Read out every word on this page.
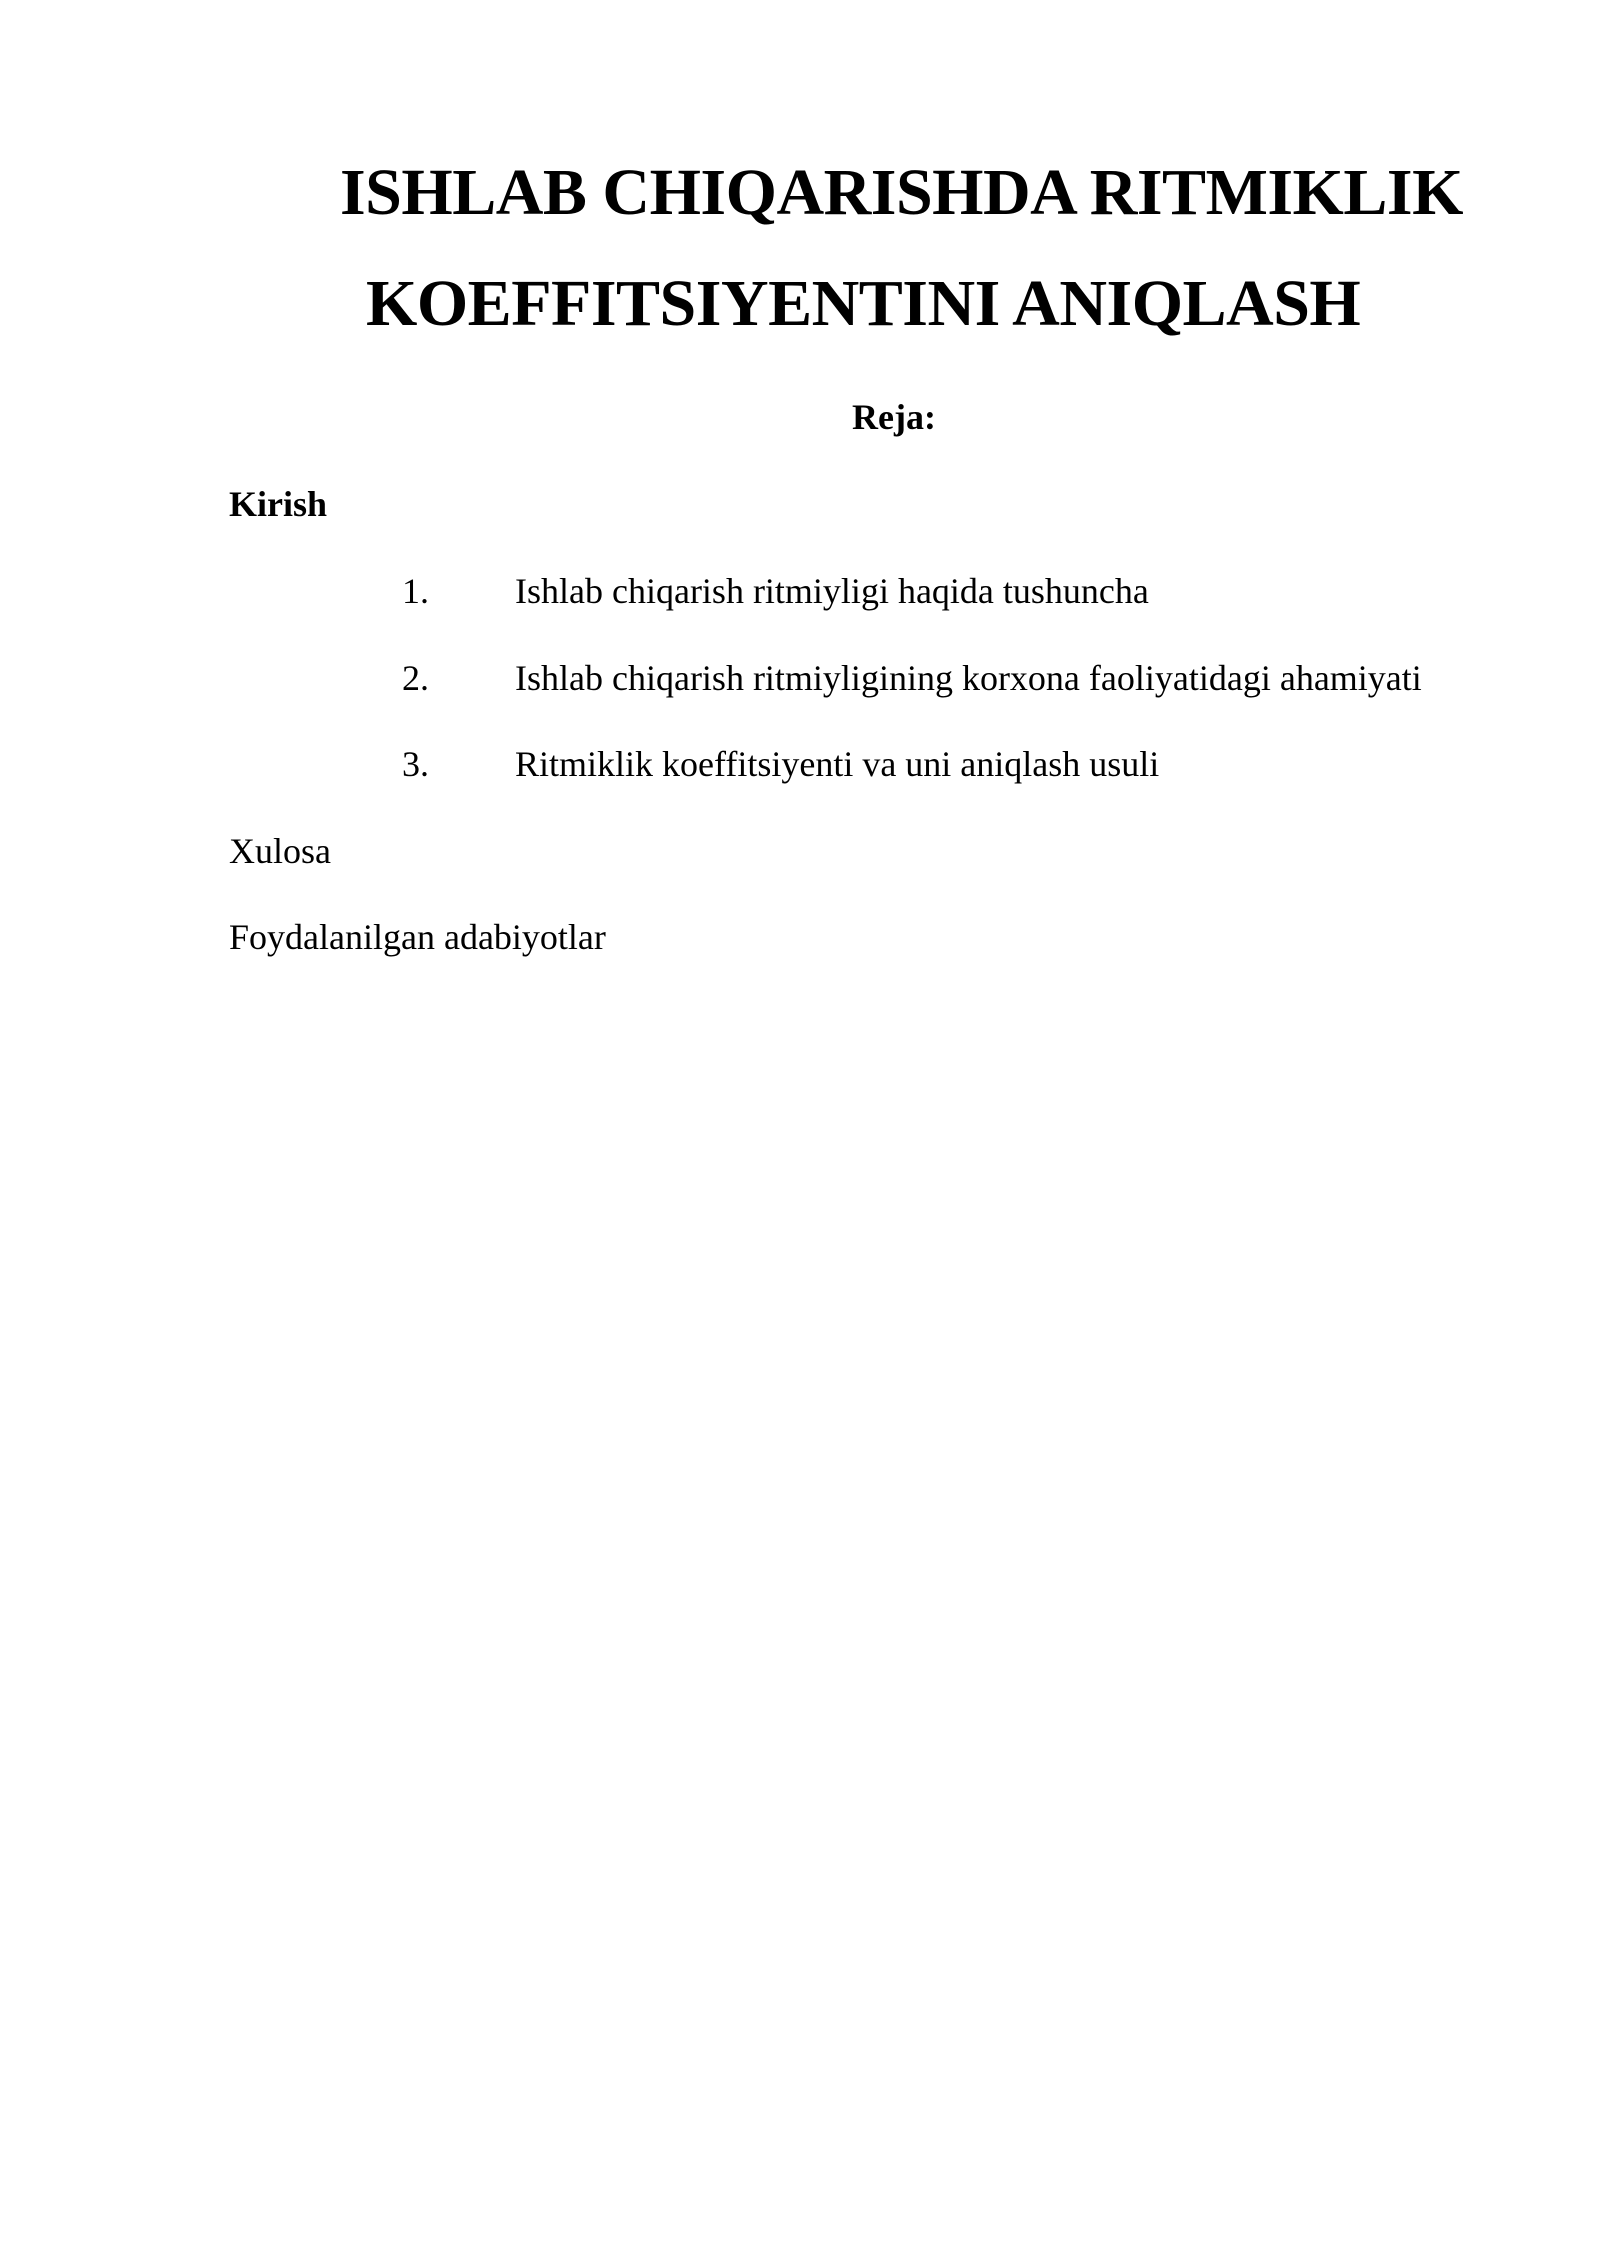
ISHLAB CHIQARISHDA RITMIKLIK
KOEFFITSIYENTINI ANIQLASH
Reja:
Kirish
1. Ishlab chiqarish ritmiyligi haqida tushuncha
2. Ishlab chiqarish ritmiyligining korxona faoliyatidagi ahamiyati
3. Ritmiklik koeffitsiyenti va uni aniqlash usuli
Xulosa
Foydalanilgan adabiyotlar
